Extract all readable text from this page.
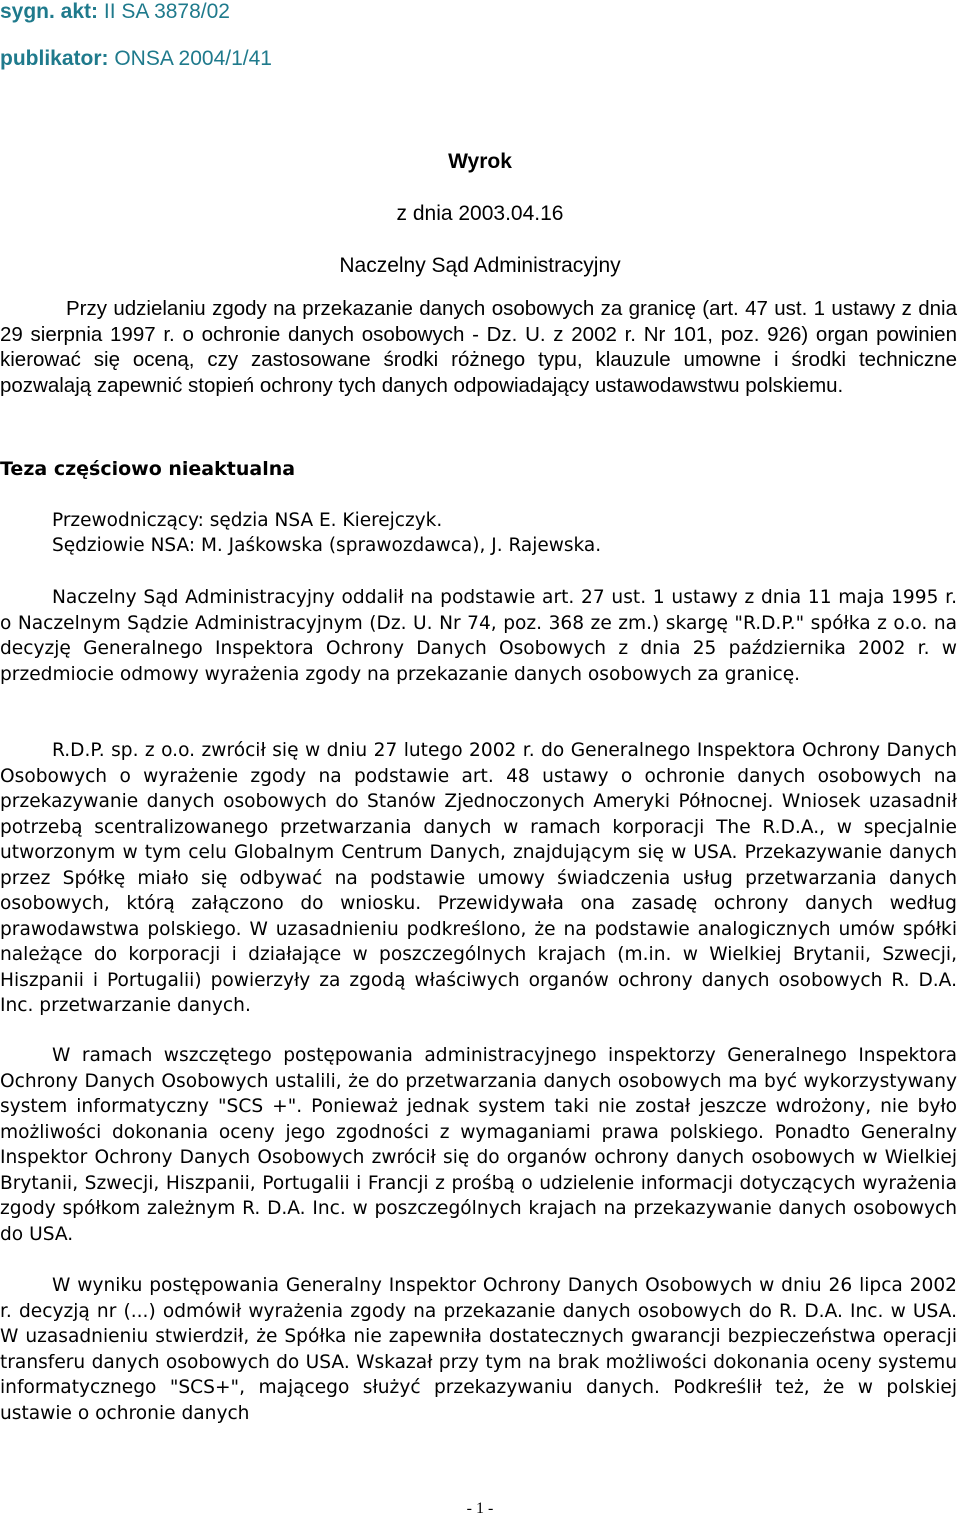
sygn. akt: II SA 3878/02
publikator: ONSA 2004/1/41
Wyrok
z dnia 2003.04.16
Naczelny Sąd Administracyjny

Przy udzielaniu zgody na przekazanie danych osobowych za granicę (art. 47 ust. 1 ustawy z dnia 29 sierpnia 1997 r. o ochronie danych osobowych - Dz. U. z 2002 r. Nr 101, poz. 926) organ powinien kierować się oceną, czy zastosowane środki różnego typu, klauzule umowne i środki techniczne pozwalają zapewnić stopień ochrony tych danych odpowiadający ustawodawstwu polskiemu.

Teza częściowo nieaktualna
Przewodniczący: sędzia NSA E. Kierejczyk.
Sędziowie NSA: M. Jaśkowska (sprawozdawca), J. Rajewska.

Naczelny Sąd Administracyjny oddalił na podstawie art. 27 ust. 1 ustawy z dnia 11 maja 1995 r. o Naczelnym Sądzie Administracyjnym (Dz. U. Nr 74, poz. 368 ze zm.) skargę "R.D.P." spółka z o.o. na decyzję Generalnego Inspektora Ochrony Danych Osobowych z dnia 25 października 2002 r. w przedmiocie odmowy wyrażenia zgody na przekazanie danych osobowych za granicę.

R.D.P. sp. z o.o. zwrócił się w dniu 27 lutego 2002 r. do Generalnego Inspektora Ochrony Danych Osobowych o wyrażenie zgody na podstawie art. 48 ustawy o ochronie danych osobowych na przekazywanie danych osobowych do Stanów Zjednoczonych Ameryki Północnej. Wniosek uzasadnił potrzebą scentralizowanego przetwarzania danych w ramach korporacji The R.D.A., w specjalnie utworzonym w tym celu Globalnym Centrum Danych, znajdującym się w USA. Przekazywanie danych przez Spółkę miało się odbywać na podstawie umowy świadczenia usług przetwarzania danych osobowych, którą załączono do wniosku. Przewidywała ona zasadę ochrony danych według prawodawstwa polskiego. W uzasadnieniu podkreślono, że na podstawie analogicznych umów spółki należące do korporacji i działające w poszczególnych krajach (m.in. w Wielkiej Brytanii, Szwecji, Hiszpanii i Portugalii) powierzyły za zgodą właściwych organów ochrony danych osobowych R. D.A. Inc. przetwarzanie danych.

W ramach wszczętego postępowania administracyjnego inspektorzy Generalnego Inspektora Ochrony Danych Osobowych ustalili, że do przetwarzania danych osobowych ma być wykorzystywany system informatyczny "SCS +". Ponieważ jednak system taki nie został jeszcze wdrożony, nie było możliwości dokonania oceny jego zgodności z wymaganiami prawa polskiego. Ponadto Generalny Inspektor Ochrony Danych Osobowych zwrócił się do organów ochrony danych osobowych w Wielkiej Brytanii, Szwecji, Hiszpanii, Portugalii i Francji z prośbą o udzielenie informacji dotyczących wyrażenia zgody spółkom zależnym R. D.A. Inc. w poszczególnych krajach na przekazywanie danych osobowych do USA.

W wyniku postępowania Generalny Inspektor Ochrony Danych Osobowych w dniu 26 lipca 2002 r. decyzją nr (...) odmówił wyrażenia zgody na przekazanie danych osobowych do R. D.A. Inc. w USA. W uzasadnieniu stwierdził, że Spółka nie zapewniła dostatecznych gwarancji bezpieczeństwa operacji transferu danych osobowych do USA. Wskazał przy tym na brak możliwości dokonania oceny systemu informatycznego "SCS+", mającego służyć przekazywaniu danych. Podkreślił też, że w polskiej ustawie o ochronie danych

- 1 -
